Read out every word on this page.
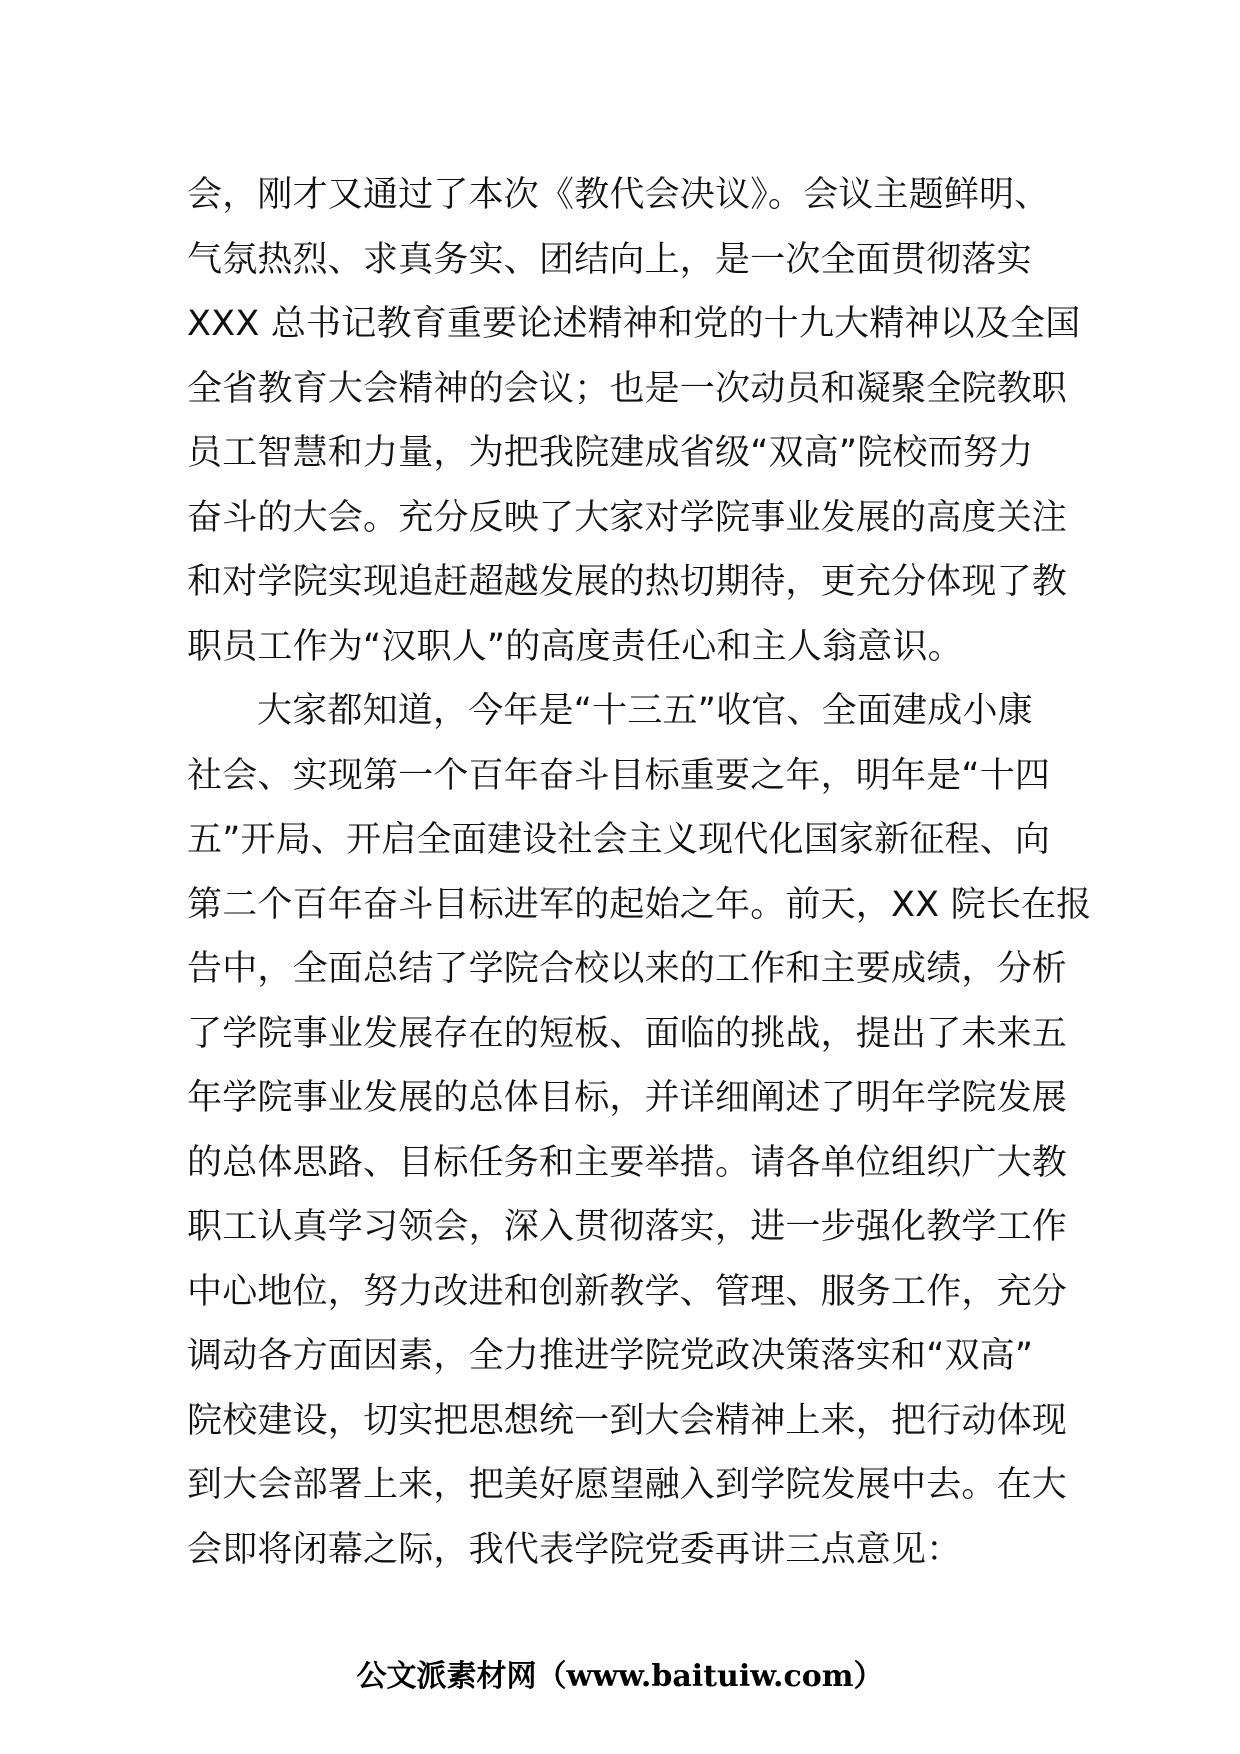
会，刚才又通过了本次《教代会决议》。会议主题鲜明、
气氛热烈、求真务实、团结向上，是一次全面贯彻落实
XXX 总书记教育重要论述精神和党的十九大精神以及全国
全省教育大会精神的会议；也是一次动员和凝聚全院教职
员工智慧和力量，为把我院建成省级“双高”院校而努力
奋斗的大会。充分反映了大家对学院事业发展的高度关注
和对学院实现追赶超越发展的热切期待，更充分体现了教
职员工作为“汉职人”的高度责任心和主人翁意识。
大家都知道，今年是“十三五”收官、全面建成小康
社会、实现第一个百年奋斗目标重要之年，明年是“十四
五”开局、开启全面建设社会主义现代化国家新征程、向
第二个百年奋斗目标进军的起始之年。前天，XX 院长在报
告中，全面总结了学院合校以来的工作和主要成绩，分析
了学院事业发展存在的短板、面临的挑战，提出了未来五
年学院事业发展的总体目标，并详细阐述了明年学院发展
的总体思路、目标任务和主要举措。请各单位组织广大教
职工认真学习领会，深入贯彻落实，进一步强化教学工作
中心地位，努力改进和创新教学、管理、服务工作，充分
调动各方面因素，全力推进学院党政决策落实和“双高”
院校建设，切实把思想统一到大会精神上来，把行动体现
到大会部署上来，把美好愿望融入到学院发展中去。在大
会即将闭幕之际，我代表学院党委再讲三点意见：
公文派素材网（www.baituiw.com）
